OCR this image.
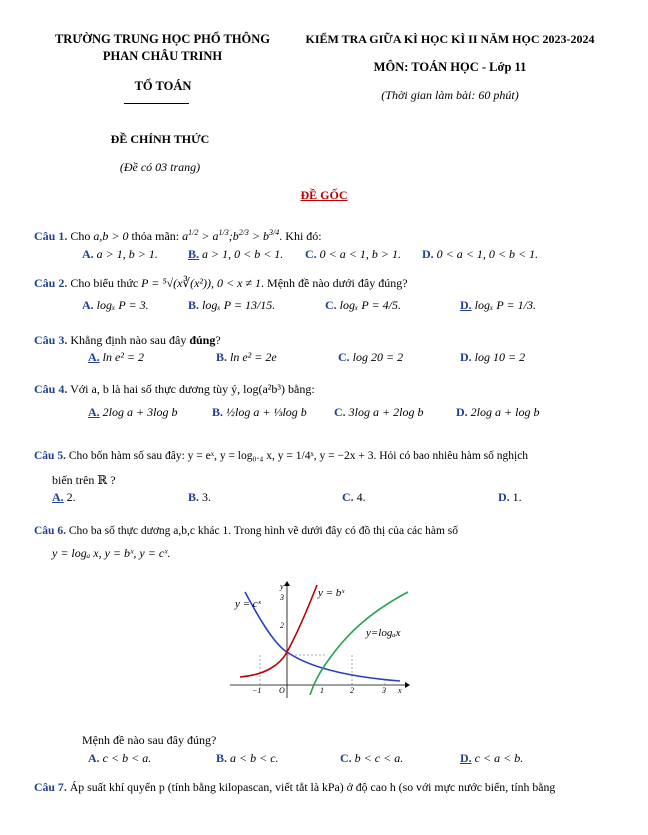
TRƯỜNG TRUNG HỌC PHỔ THÔNG
PHAN CHÂU TRINH
TỔ TOÁN
KIỂM TRA GIỮA KÌ HỌC KÌ II NĂM HỌC 2023-2024
MÔN: TOÁN HỌC - Lớp 11
(Thời gian làm bài: 60 phút)
ĐỀ CHÍNH THỨC
(Đề có 03 trang)
ĐỀ GỐC
Câu 1. Cho a,b > 0 thỏa mãn: $a^{1/2}$ > $a^{1/3};b^{2/3} > b^{3/4}$. Khi đó:
A. a > 1, b > 1.	B. a > 1, 0 < b < 1. C. 0 < a < 1, b > 1. D. 0 < a < 1, 0 < b < 1.
Câu 2. Cho biểu thức P = ⁵√(x∛(x²)), 0 < x ≠ 1. Mệnh đề nào dưới đây đúng?
A. logₓ P = 3.	B. logₓ P = 13/15.	C. logₓ P = 4/5.	D. logₓ P = 1/3.
Câu 3. Khẳng định nào sau đây đúng?
A. ln e² = 2	B. ln e² = 2e	C. log 20 = 2	D. log 10 = 2
Câu 4. Với a, b là hai số thực dương tùy ý, log(a²b³) bằng:
A. 2log a + 3log b	B. ½log a + ⅓log b C. 3log a + 2log b	D. 2log a + log b
Câu 5. Cho bốn hàm số sau đây: y = eˣ, y = log₀.₄ x, y = 1/4ˣ, y = −2x + 3. Hỏi có bao nhiêu hàm số nghịch
biến trên ℝ ?
A. 2.	B. 3.	C. 4.	D. 1.
Câu 6. Cho ba số thực dương a,b,c khác 1. Trong hình vẽ dưới đây có đồ thị của các hàm số
y = logₐ x, y = bˣ, y = cˣ.
y = cˣ
y = bˣ
y=logₐx
−1 O	1	2	3 x
y
3
2
Mệnh đề nào sau đây đúng?
A. c < b < a.	B. a < b < c.	C. b < c < a.	D. c < a < b.
Câu 7. Áp suất khí quyển p (tính bằng kilopascan, viết tắt là kPa) ở độ cao h (so với mực nước biển, tính bằng
